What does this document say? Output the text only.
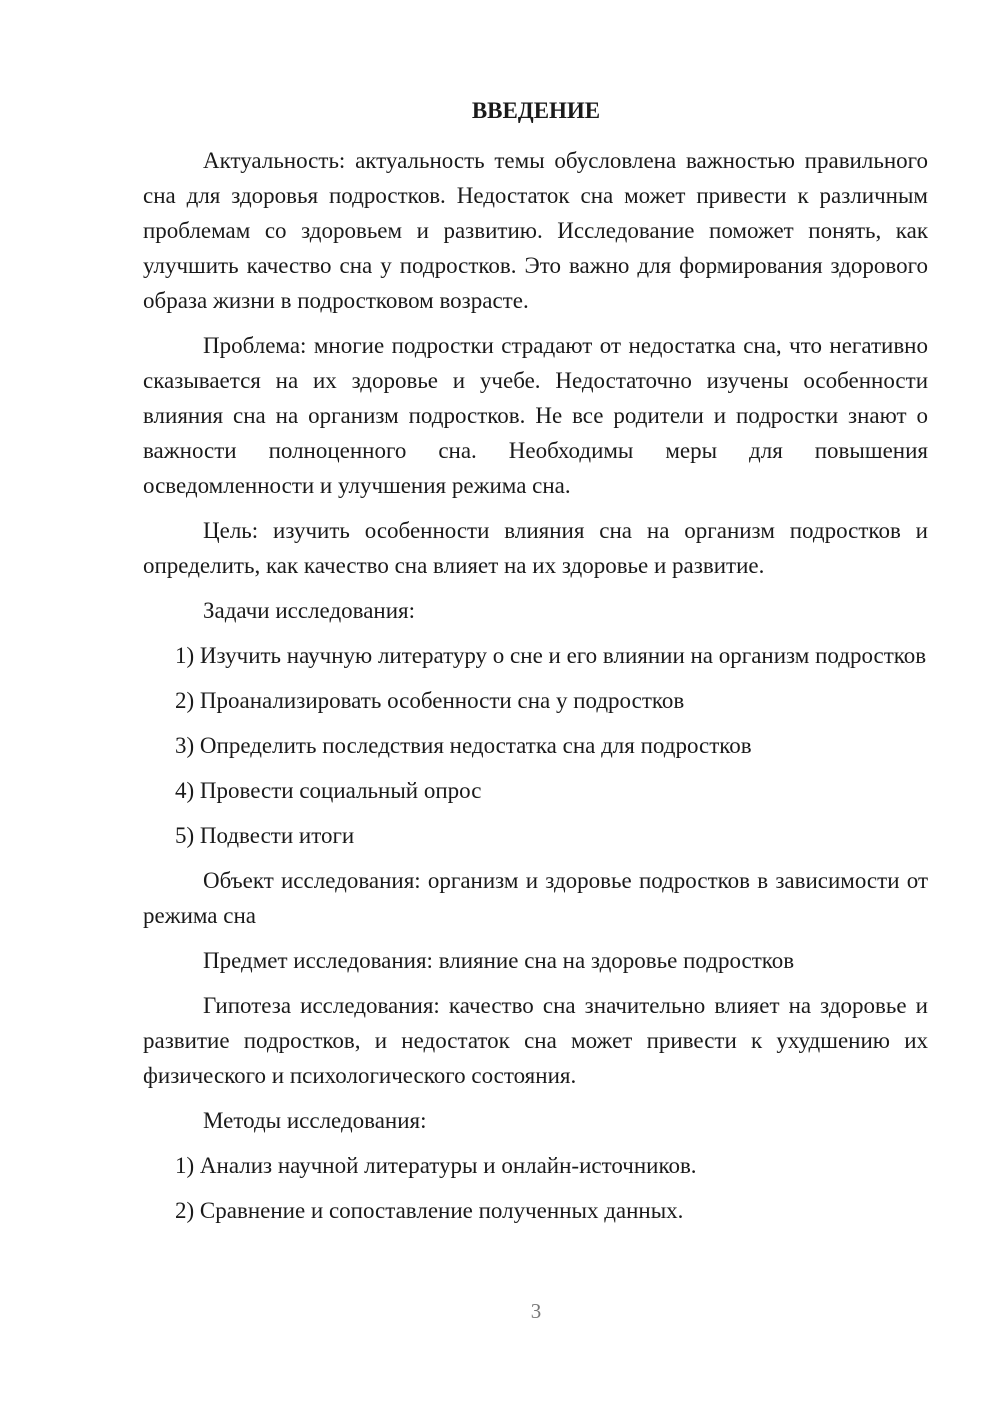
ВВЕДЕНИЕ

Актуальность: актуальность темы обусловлена важностью правильного сна для здоровья подростков. Недостаток сна может привести к различным проблемам со здоровьем и развитию. Исследование поможет понять, как улучшить качество сна у подростков. Это важно для формирования здорового образа жизни в подростковом возрасте.

Проблема: многие подростки страдают от недостатка сна, что негативно сказывается на их здоровье и учебе. Недостаточно изучены особенности влияния сна на организм подростков. Не все родители и подростки знают о важности полноценного сна. Необходимы меры для повышения осведомленности и улучшения режима сна.

Цель: изучить особенности влияния сна на организм подростков и определить, как качество сна влияет на их здоровье и развитие.

Задачи исследования:

1) Изучить научную литературу о сне и его влиянии на организм подростков

2) Проанализировать особенности сна у подростков

3) Определить последствия недостатка сна для подростков

4) Провести социальный опрос

5) Подвести итоги

Объект исследования: организм и здоровье подростков в зависимости от режима сна

Предмет исследования: влияние сна на здоровье подростков

Гипотеза исследования: качество сна значительно влияет на здоровье и развитие подростков, и недостаток сна может привести к ухудшению их физического и психологического состояния.

Методы исследования:

1) Анализ научной литературы и онлайн-источников.

2) Сравнение и сопоставление полученных данных.

3
